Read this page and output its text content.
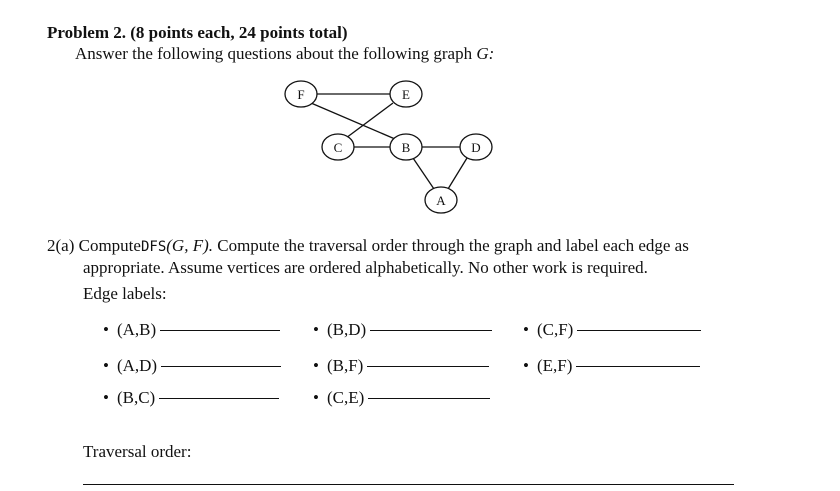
Problem 2. (8 points each, 24 points total)
Answer the following questions about the following graph G:
F	E
C	B	D
A
2(a) ComputeDFS(G, F). Compute the traversal order through the graph and label each edge as
appropriate. Assume vertices are ordered alphabetically. No other work is required.
Edge labels:
• (A,B)
• (A,D)
• (B,C)
• (B,D)
• (B,F)
• (C,E)
• (C,F)
• (E,F)
Traversal order:
